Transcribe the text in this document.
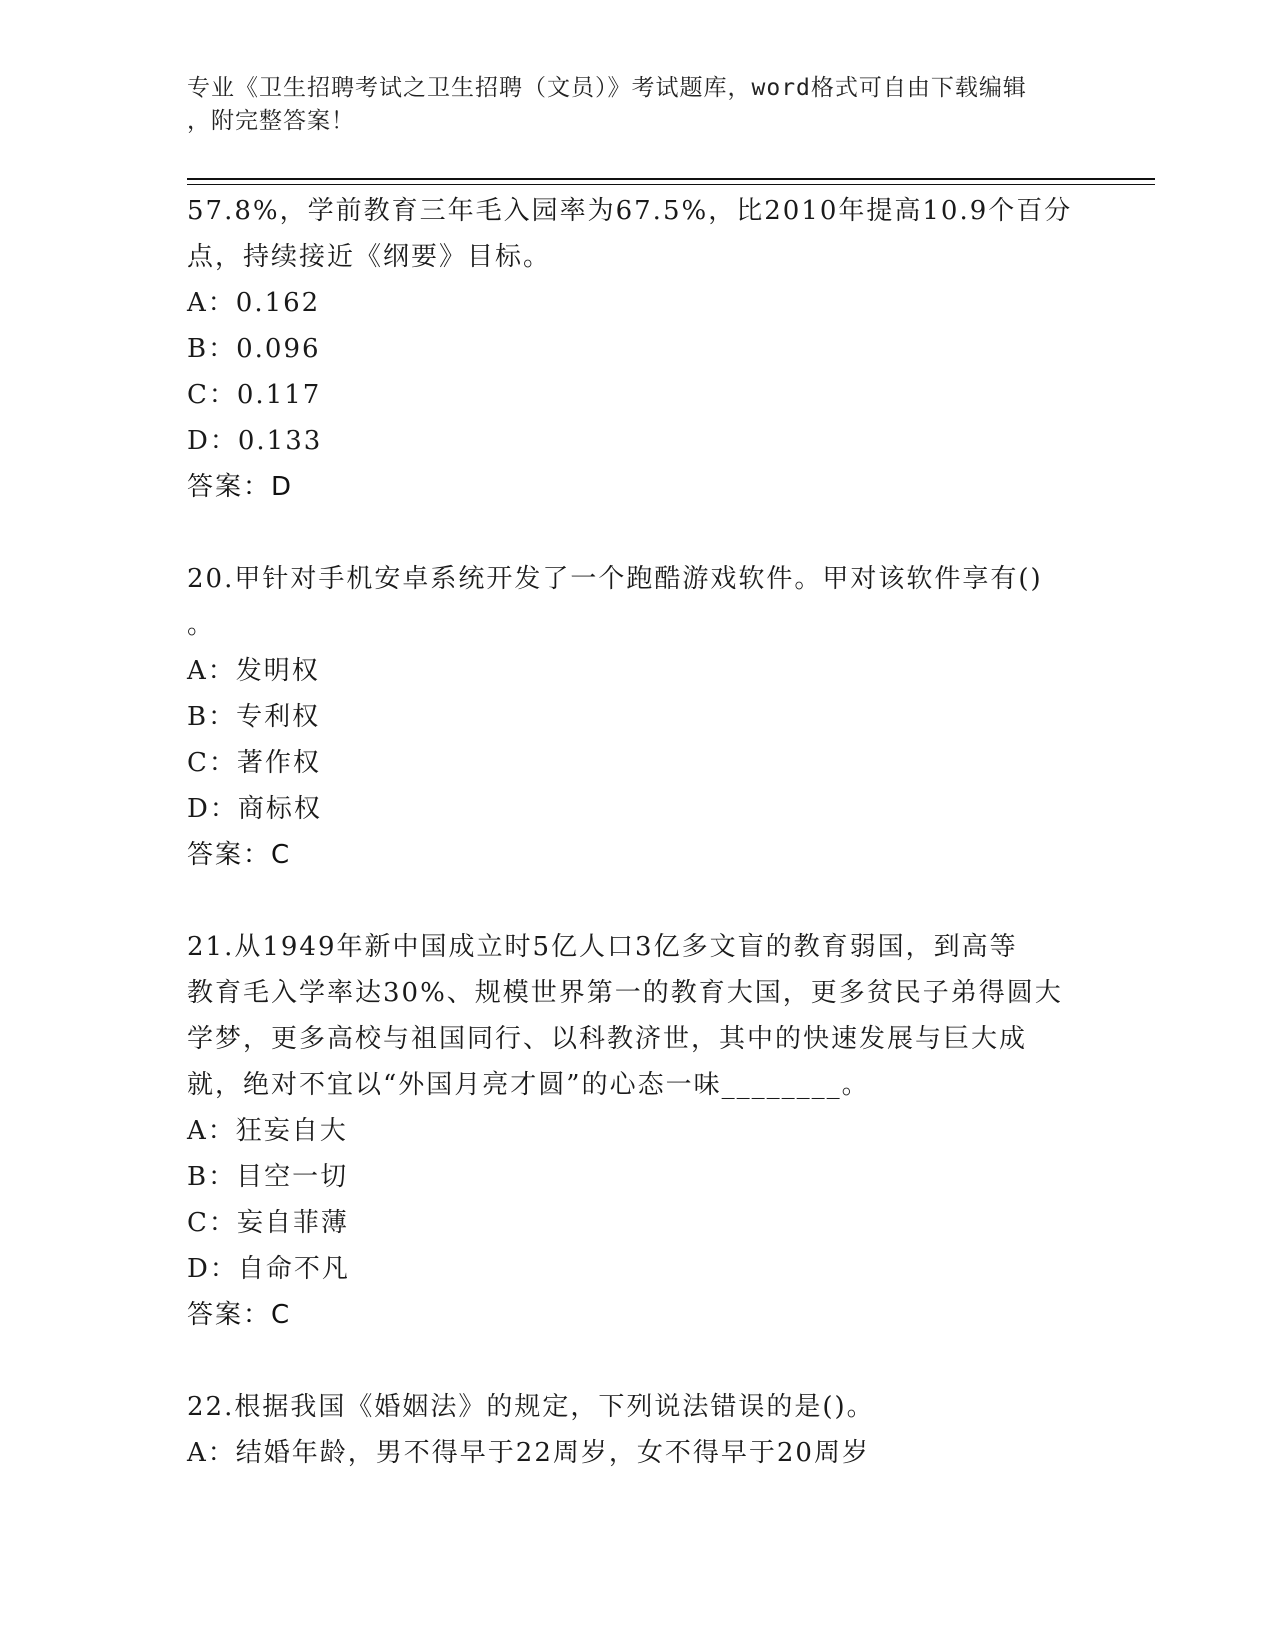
专业《卫生招聘考试之卫生招聘（文员）》考试题库，word格式可自由下载编辑
，附完整答案！
57.8%，学前教育三年毛入园率为67.5%，比2010年提高10.9个百分
点，持续接近《纲要》目标。
A：0.162
B：0.096
C：0.117
D：0.133
答案：D
20.甲针对手机安卓系统开发了一个跑酷游戏软件。甲对该软件享有()
。
A：发明权
B：专利权
C：著作权
D：商标权
答案：C
21.从1949年新中国成立时5亿人口3亿多文盲的教育弱国，到高等
教育毛入学率达30%、规模世界第一的教育大国，更多贫民子弟得圆大
学梦，更多高校与祖国同行、以科教济世，其中的快速发展与巨大成
就，绝对不宜以“外国月亮才圆”的心态一味________。
A：狂妄自大
B：目空一切
C：妄自菲薄
D：自命不凡
答案：C
22.根据我国《婚姻法》的规定，下列说法错误的是()。
A：结婚年龄，男不得早于22周岁，女不得早于20周岁
